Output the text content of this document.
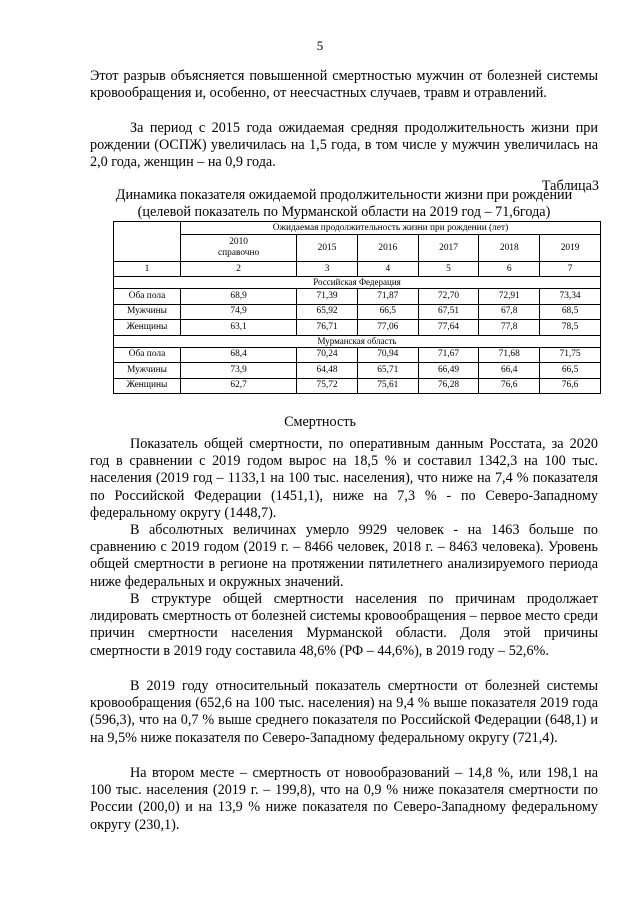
5

Этот разрыв объясняется повышенной смертностью мужчин от болезней системы кровообращения и, особенно, от неесчастных случаев, травм и отравлений.

За период с 2015 года ожидаемая средняя продолжительность жизни при рождении (ОСПЖ) увеличилась на 1,5 года, в том числе у мужчин увеличилась на 2,0 года, женщин – на 0,9 года.

Таблица3

Динамика показателя ожидаемой продолжительности жизни при рождении
(целевой показатель по Мурманской области на 2019 год – 71,6года)

	Ожидаемая продолжительность жизни при рождении (лет)					
	2010
справочно	2015	2016	2017	2018	2019
1	2	3	4	5	6	7
Российская Федерация						
Оба пола	68,9	71,39	71,87	72,70	72,91	73,34
Мужчины	74,9	65,92	66,5	67,51	67,8	68,5
Женщины	63,1	76,71	77,06	77,64	77,8	78,5
Мурманская область						
Оба пола	68,4	70,24	70,94	71,67	71,68	71,75
Мужчины	73,9	64,48	65,71	66,49	66,4	66,5
Женщины	62,7	75,72	75,61	76,28	76,6	76,6
Смертность

Показатель общей смертности, по оперативным данным Росстата, за 2020 год в сравнении с 2019 годом вырос на 18,5 % и составил 1342,3 на 100 тыс. населения (2019 год – 1133,1 на 100 тыс. населения), что ниже на 7,4 % показателя по Российской Федерации (1451,1), ниже на 7,3 % - по Северо-Западному федеральному округу (1448,7).

В абсолютных величинах умерло 9929 человек - на 1463 больше по сравнению с 2019 годом (2019 г. – 8466 человек, 2018 г. – 8463 человека). Уровень общей смертности в регионе на протяжении пятилетнего анализируемого периода ниже федеральных и окружных значений.

В структуре общей смертности населения по причинам продолжает лидировать смертность от болезней системы кровообращения – первое место среди причин смертности населения Мурманской области. Доля этой причины смертности в 2019 году составила 48,6% (РФ – 44,6%), в 2019 году – 52,6%.

В 2019 году относительный показатель смертности от болезней системы кровообращения (652,6 на 100 тыс. населения) на 9,4 % выше показателя 2019 года (596,3), что на 0,7 % выше среднего показателя по Российской Федерации (648,1) и на 9,5% ниже показателя по Северо-Западному федеральному округу (721,4).

На втором месте – смертность от новообразований – 14,8 %, или 198,1 на 100 тыс. населения (2019 г. – 199,8), что на 0,9 % ниже показателя смертности по России (200,0) и на 13,9 % ниже показателя по Северо-Западному федеральному округу (230,1).
